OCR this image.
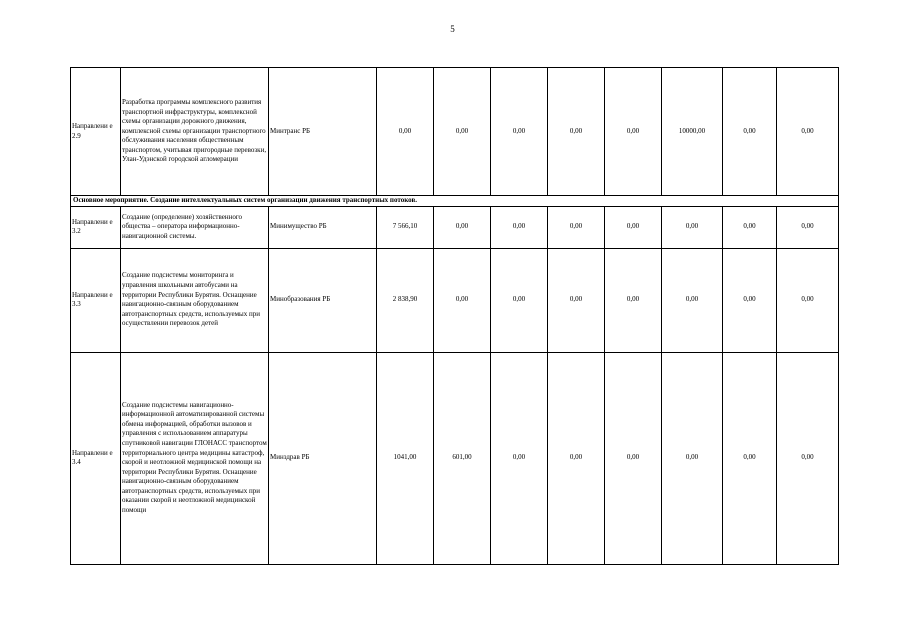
5
Направлени е 2.9	Разработка программы комплексного развития транспортной инфраструктуры, комплексной схемы организации дорожного движения, комплексной схемы организации транспортного обслуживания населения общественным транспортом, учитывая пригородные перевозки, Улан-Удэнской городской агломерации	Минтранс РБ	0,00	0,00	0,00	0,00	0,00	10000,00	0,00	0,00
Основное мероприятие. Создание интеллектуальных систем организации движения транспортных потоков.										
Направлени е 3.2	Создание (определение) хозяйственного общества – оператора информационно-навигационной системы.	Минимущество РБ	7 566,10	0,00	0,00	0,00	0,00	0,00	0,00	0,00
Направлени е 3.3	Создание подсистемы мониторинга и управления школьными автобусами на территории Республики Бурятия. Оснащение навигационно-связным оборудованием автотранспортных средств, используемых при осуществлении перевозок детей	Минобразования РБ	2 838,90	0,00	0,00	0,00	0,00	0,00	0,00	0,00
Направлени е 3.4	Создание подсистемы навигационно-информационной автоматизированной системы обмена информацией, обработки вызовов и управления с использованием аппаратуры спутниковой навигации ГЛОНАСС транспортом территориального центра медицины катастроф, скорой и неотложной медицинской помощи на территории Республики Бурятия. Оснащение навигационно-связным оборудованием автотранспортных средств, используемых при оказании скорой и неотложной медицинской помощи	Минздрав РБ	1041,00	601,00	0,00	0,00	0,00	0,00	0,00	0,00
